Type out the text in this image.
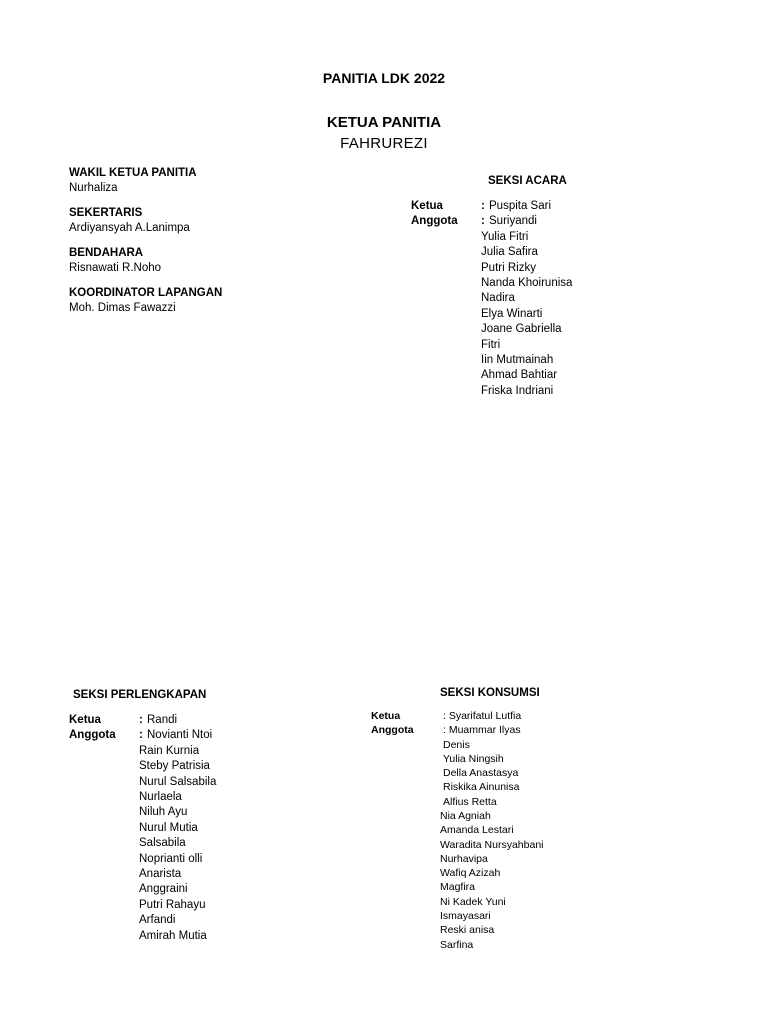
PANITIA LDK 2022
KETUA PANITIA
FAHRUREZI
WAKIL KETUA PANITIA
Nurhaliza
SEKERTARIS
Ardiyansyah A.Lanimpa
BENDAHARA
Risnawati R.Noho
KOORDINATOR LAPANGAN
Moh. Dimas Fawazzi
SEKSI ACARA
Ketua
Anggota
: Puspita Sari
: Suriyandi
Yulia Fitri
Julia Safira
Putri Rizky
Nanda Khoirunisa
Nadira
Elya Winarti
Joane Gabriella
Fitri
Iin Mutmainah
Ahmad Bahtiar
Friska Indriani
SEKSI PERLENGKAPAN
Ketua
Anggota
: Randi
: Novianti Ntoi
Rain Kurnia
Steby Patrisia
Nurul Salsabila
Nurlaela
Niluh Ayu
Nurul Mutia
Salsabila
Noprianti olli
Anarista
Anggraini
Putri Rahayu
Arfandi
Amirah Mutia
SEKSI KONSUMSI
Ketua
Anggota
: Syarifatul Lutfia
: Muammar Ilyas
Denis
Yulia Ningsih
Della Anastasya
Riskika Ainunisa
Alfius Retta
Nia Agniah
Amanda Lestari
Waradita Nursyahbani
Nurhavipa
Wafiq Azizah
Magfira
Ni Kadek Yuni
Ismayasari
Reski anisa
Sarfina
